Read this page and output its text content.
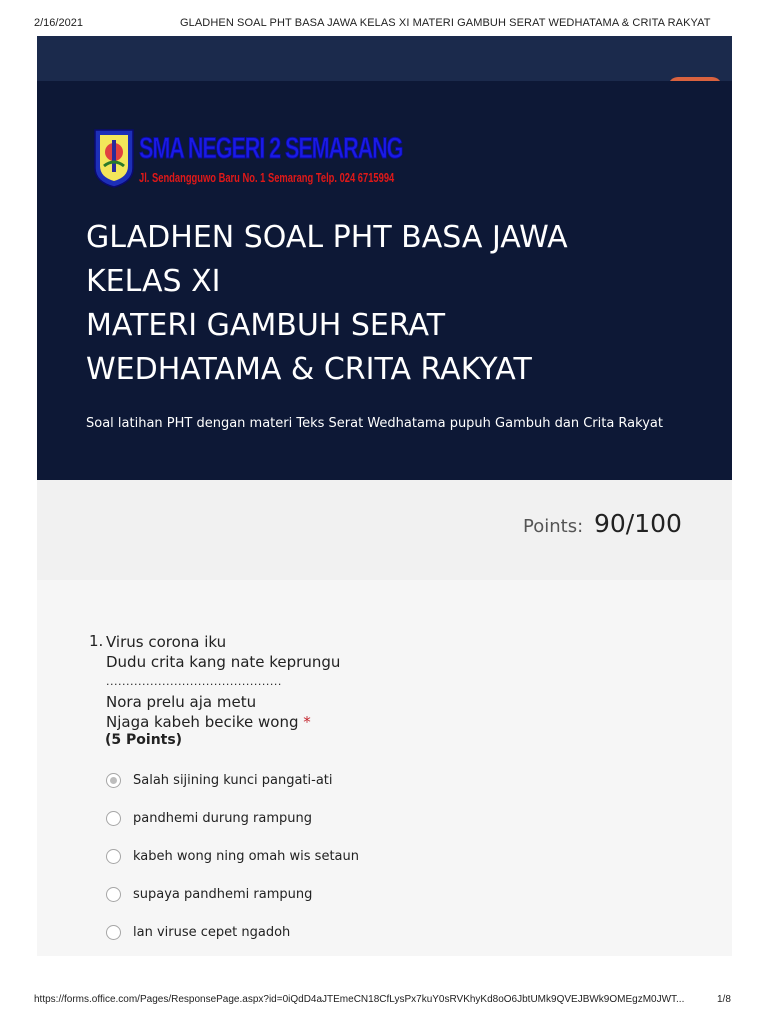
2/16/2021	GLADHEN SOAL PHT BASA JAWA KELAS XI MATERI GAMBUH SERAT WEDHATAMA & CRITA RAKYAT
SMA NEGERI 2 SEMARANG
Jl. Sendangguwo Baru No. 1 Semarang Telp. 024 6715994
GLADHEN SOAL PHT BASA JAWA
KELAS XI
MATERI GAMBUH SERAT
WEDHATAMA & CRITA RAKYAT
Soal latihan PHT dengan materi Teks Serat Wedhatama pupuh Gambuh dan Crita Rakyat
Points: 90/100
1. Virus corona iku
Dudu crita kang nate keprungu
............................................
Nora prelu aja metu
Njaga kabeh becike wong *
(5 Points)
Salah sijining kunci pangati-ati
pandhemi durung rampung
kabeh wong ning omah wis setaun
supaya pandhemi rampung
lan viruse cepet ngadoh
https://forms.office.com/Pages/ResponsePage.aspx?id=0iQdD4aJTEmeCN18CfLysPx7kuY0sRVKhyKd8oO6JbtUMk9QVEJBWk9OMEgzM0JWT...	1/8
